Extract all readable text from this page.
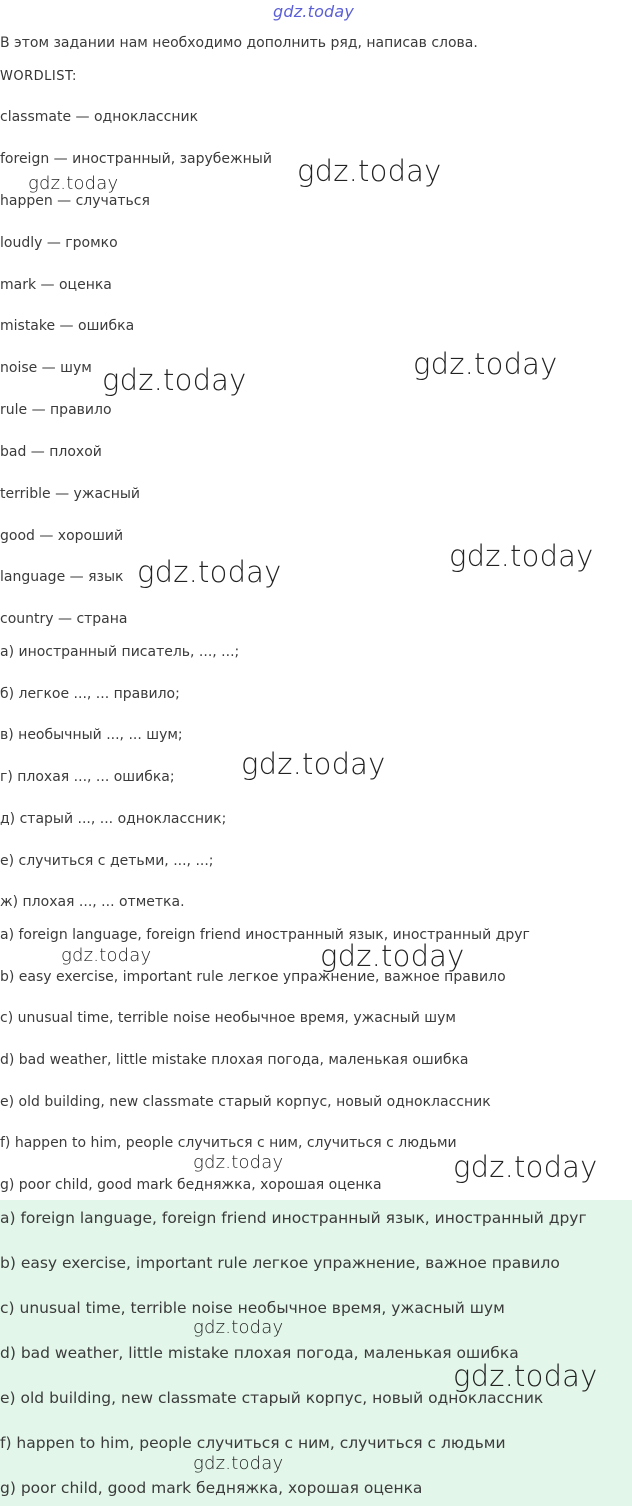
gdz.today

В этом задании нам необходимо дополнить ряд, написав слова.

WORDLIST:

classmate — одноклассник

foreign — иностранный, зарубежный

happen — случаться

loudly — громко

mark — оценка

mistake — ошибка

noise — шум

rule — правило

bad — плохой

terrible — ужасный

good — хороший

language — язык

country — страна

а) иностранный писатель, ..., ...;

б) легкое ..., ... правило;

в) необычный ..., ... шум;

г) плохая ..., ... ошибка;

д) старый ..., ... одноклассник;

е) случиться с детьми, ..., ...;

ж) плохая ..., ... отметка.

a) foreign language, foreign friend иностранный язык, иностранный друг

b) easy exercise, important rule легкое упражнение, важное правило

c) unusual time, terrible noise необычное время, ужасный шум

d) bad weather, little mistake плохая погода, маленькая ошибка

e) old building, new classmate старый корпус, новый одноклассник

f) happen to him, people случиться с ним, случиться с людьми

g) poor child, good mark бедняжка, хорошая оценка

a) foreign language, foreign friend иностранный язык, иностранный друг

b) easy exercise, important rule легкое упражнение, важное правило

c) unusual time, terrible noise необычное время, ужасный шум

d) bad weather, little mistake плохая погода, маленькая ошибка

e) old building, new classmate старый корпус, новый одноклассник

f) happen to him, people случиться с ним, случиться с людьми

g) poor child, good mark бедняжка, хорошая оценка

gdz.today
gdz.today
gdz.today
gdz.today
gdz.today
gdz.today
gdz.today
gdz.today
gdz.today
gdz.today	gdz.today
gdz.today
gdz.today
gdz.today
